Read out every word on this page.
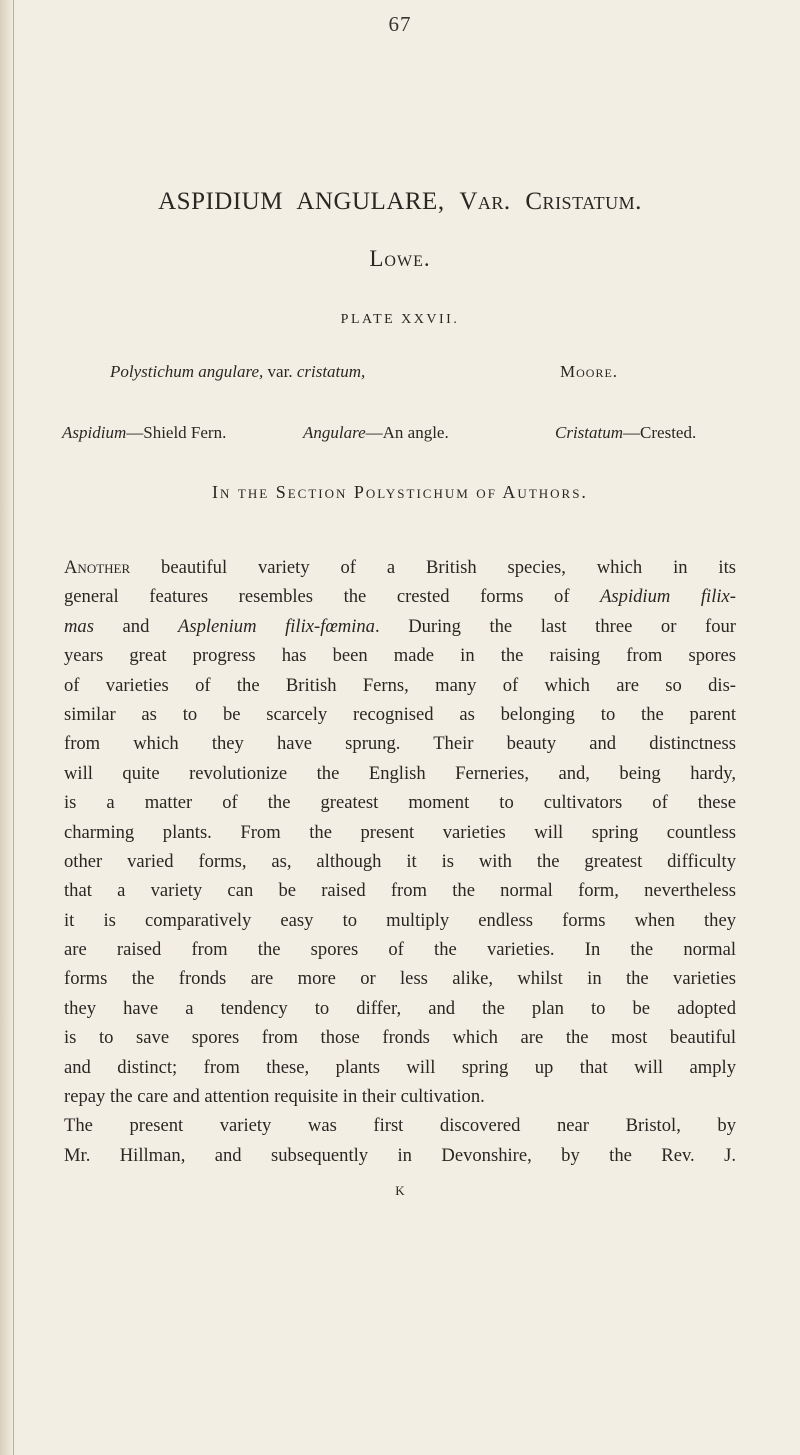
67
ASPIDIUM ANGULARE, Var. Cristatum.
Lowe.
PLATE XXVII.
Polystichum angulare, var. cristatum,	Moore.
Aspidium—Shield Fern.	Angulare—An angle.	Cristatum—Crested.
In the Section Polystichum of Authors.
Another beautiful variety of a British species, which in its
general features resembles the crested forms of Aspidium filix-
mas and Asplenium filix-fœmina. During the last three or four
years great progress has been made in the raising from spores
of varieties of the British Ferns, many of which are so dis-
similar as to be scarcely recognised as belonging to the parent
from which they have sprung. Their beauty and distinctness
will quite revolutionize the English Ferneries, and, being hardy,
is a matter of the greatest moment to cultivators of these
charming plants. From the present varieties will spring countless
other varied forms, as, although it is with the greatest difficulty
that a variety can be raised from the normal form, nevertheless
it is comparatively easy to multiply endless forms when they
are raised from the spores of the varieties. In the normal
forms the fronds are more or less alike, whilst in the varieties
they have a tendency to differ, and the plan to be adopted
is to save spores from those fronds which are the most beautiful
and distinct; from these, plants will spring up that will amply
repay the care and attention requisite in their cultivation.
The present variety was first discovered near Bristol, by
Mr. Hillman, and subsequently in Devonshire, by the Rev. J.
K
